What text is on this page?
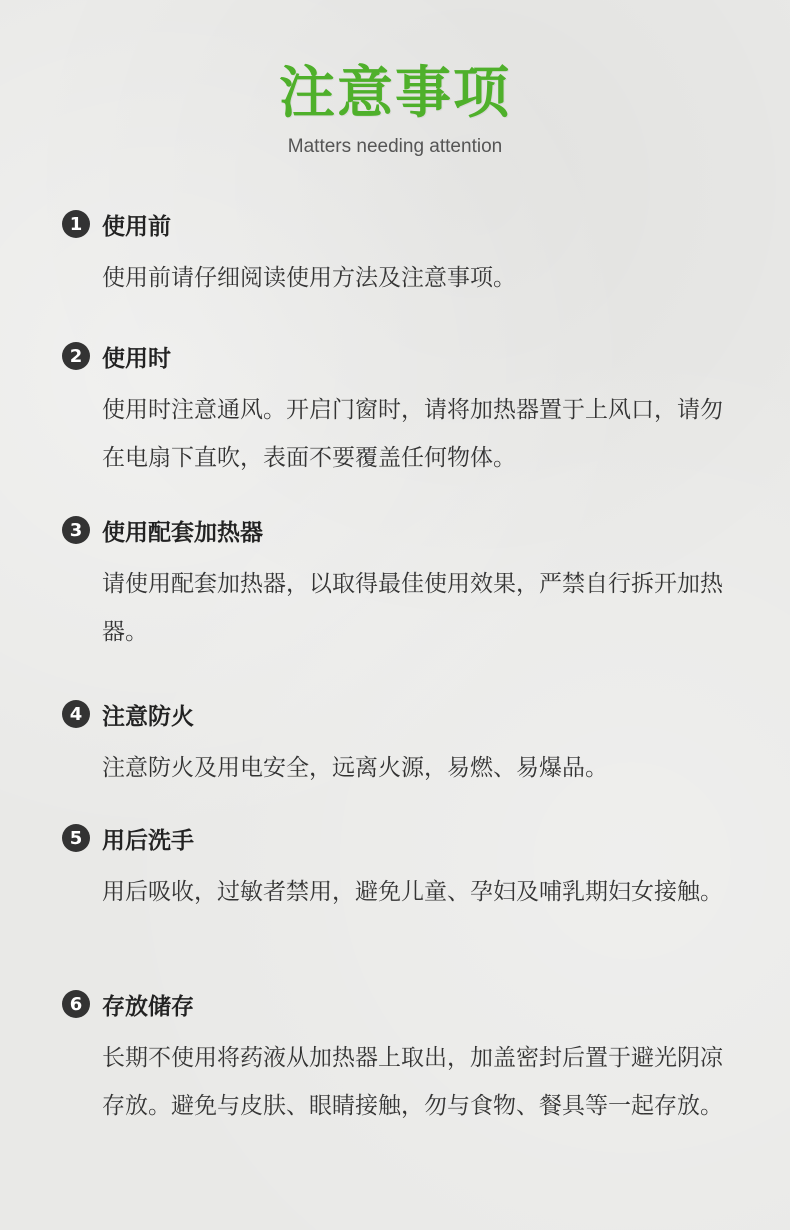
注意事项
Matters needing attention
1 使用前
使用前请仔细阅读使用方法及注意事项。
2 使用时
使用时注意通风。开启门窗时，请将加热器置于上风口，请勿在电扇下直吹，表面不要覆盖任何物体。
3 使用配套加热器
请使用配套加热器，以取得最佳使用效果，严禁自行拆开加热器。
4 注意防火
注意防火及用电安全，远离火源，易燃、易爆品。
5 用后洗手
用后吸收，过敏者禁用，避免儿童、孕妇及哺乳期妇女接触。
6 存放储存
长期不使用将药液从加热器上取出，加盖密封后置于避光阴凉存放。避免与皮肤、眼睛接触，勿与食物、餐具等一起存放。
